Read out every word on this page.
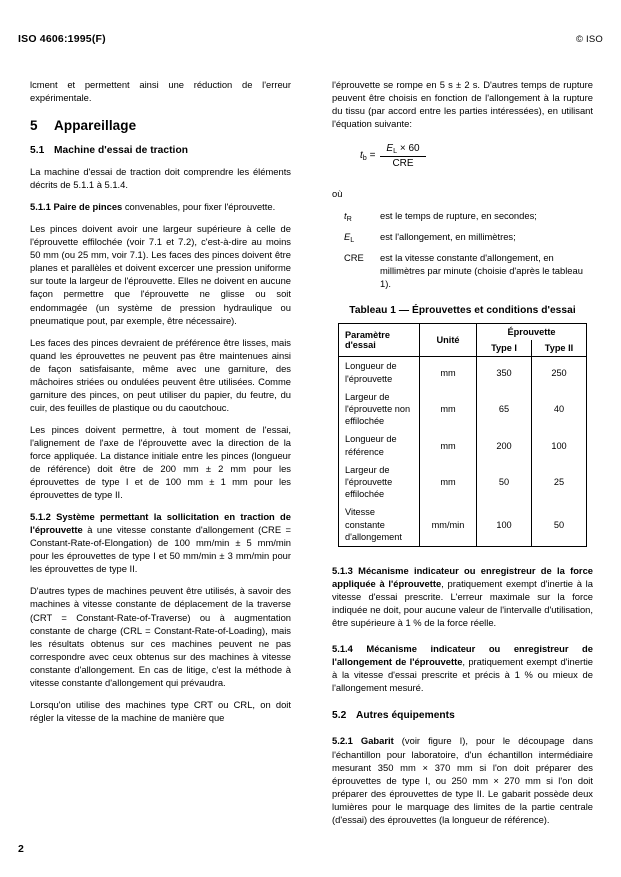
ISO 4606:1995(F)	© ISO

lcment et permettent ainsi une réduction de l'erreur expérimentale.

5 Appareillage
5.1 Machine d'essai de traction

La machine d'essai de traction doit comprendre les éléments décrits de 5.1.1 à 5.1.4.

5.1.1 Paire de pinces convenables, pour fixer l'éprouvette.

Les pinces doivent avoir une largeur supérieure à celle de l'éprouvette effilochée (voir 7.1 et 7.2), c'est-à-dire au moins 50 mm (ou 25 mm, voir 7.1). Les faces des pinces doivent être planes et parallèles et doivent excercer une pression uniforme sur toute la largeur de l'éprouvette. Elles ne doivent en aucune façon permettre que l'éprouvette ne glisse ou soit endommagée (un système de pression hydraulique ou pneumatique pout, par exemple, être nécessaire).

Les faces des pinces devraient de préférence être lisses, mais quand les éprouvettes ne peuvent pas être maintenues ainsi de façon satisfaisante, même avec une garniture, des mâchoires striées ou ondulées peuvent être utilisées. Comme garniture des pinces, on peut utiliser du papier, du feutre, du cuir, des feuilles de plastique ou du caoutchouc.

Les pinces doivent permettre, à tout moment de l'essai, l'alignement de l'axe de l'éprouvette avec la direction de la force appliquée. La distance initiale entre les pinces (longueur de référence) doit être de 200 mm ± 2 mm pour les éprouvettes de type I et de 100 mm ± 1 mm pour les éprouvettes de type II.

5.1.2 Système permettant la sollicitation en traction de l'éprouvette à une vitesse constante d'allongement (CRE = Constant-Rate-of-Elongation) de 100 mm/min ± 5 mm/min pour les éprouvettes de type I et 50 mm/min ± 3 mm/min pour les éprouvettes de type II.

D'autres types de machines peuvent être utilisés, à savoir des machines à vitesse constante de déplacement de la traverse (CRT = Constant-Rate-of-Traverse) ou à augmentation constante de charge (CRL = Constant-Rate-of-Loading), mais les résultats obtenus sur ces machines peuvent ne pas correspondre avec ceux obtenus sur des machines à vitesse constante d'allongement. En cas de litige, c'est la méthode à vitesse constante d'allongement qui prévaudra.

Lorsqu'on utilise des machines type CRT ou CRL, on doit régler la vitesse de la machine de manière que

l'éprouvette se rompe en 5 s ± 2 s. D'autres temps de rupture peuvent être choisis en fonction de l'allongement à la rupture du tissu (par accord entre les parties intéressées), en utilisant l'équation suivante:

$t_b = \frac{E_L \times 60}{\text{CRE}}$

où

$t_R$	est le temps de rupture, en secondes;
$E_L$	est l'allongement, en millimètres;
CRE	est la vitesse constante d'allongement, en millimètres par minute (choisie d'après le tableau 1).
Tableau 1 — Éprouvettes et conditions d'essai
Paramètre d'essai	Unité	Éprouvette	
		Type I	Type II
Longueur de l'éprouvette	mm	350	250
Largeur de l'éprouvette non effilochée	mm	65	40
Longueur de référence	mm	200	100
Largeur de l'éprouvette effilochée	mm	50	25
Vitesse constante d'allongement	mm/min	100	50

5.1.3 Mécanisme indicateur ou enregistreur de la force appliquée à l'éprouvette, pratiquement exempt d'inertie à la vitesse d'essai prescrite. L'erreur maximale sur la force indiquée ne doit, pour aucune valeur de l'intervalle d'utilisation, être supérieure à 1 % de la force réelle.

5.1.4 Mécanisme indicateur ou enregistreur de l'allongement de l'éprouvette, pratiquement exempt d'inertie à la vitesse d'essai prescrite et précis à 1 % ou mieux de l'allongement mesuré.

5.2 Autres équipements

5.2.1 Gabarit (voir figure I), pour le découpage dans l'échantillon pour laboratoire, d'un échantillon intermédiaire mesurant 350 mm × 370 mm si l'on doit préparer des éprouvettes de type I, ou 250 mm × 270 mm si l'on doit préparer des éprouvettes de type II. Le gabarit possède deux lumières pour le marquage des limites de la partie centrale (d'essai) des éprouvettes (la longueur de référence).

2
